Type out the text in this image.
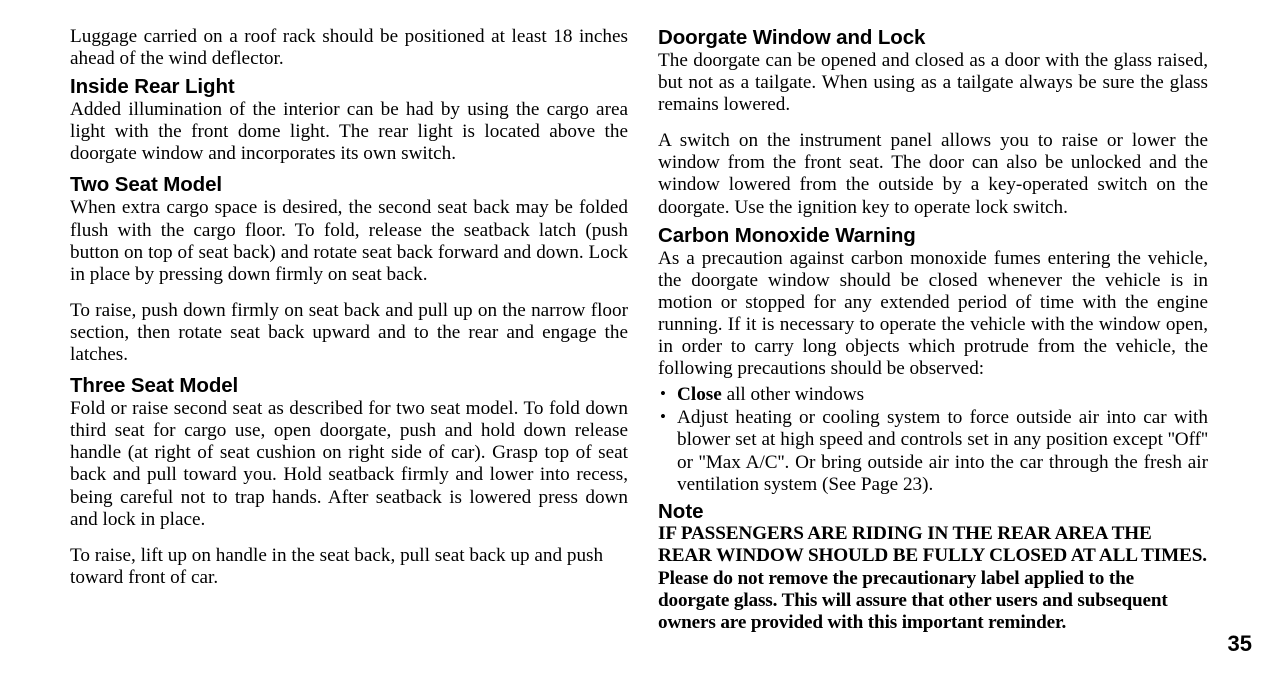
Luggage carried on a roof rack should be positioned at least 18 inches ahead of the wind deflector.

Inside Rear Light

Added illumination of the interior can be had by using the cargo area light with the front dome light. The rear light is located above the doorgate window and incorporates its own switch.

Two Seat Model

When extra cargo space is desired, the second seat back may be folded flush with the cargo floor. To fold, release the seatback latch (push button on top of seat back) and rotate seat back forward and down. Lock in place by pressing down firmly on seat back.

To raise, push down firmly on seat back and pull up on the narrow floor section, then rotate seat back upward and to the rear and engage the latches.

Three Seat Model

Fold or raise second seat as described for two seat model. To fold down third seat for cargo use, open doorgate, push and hold down release handle (at right of seat cushion on right side of car). Grasp top of seat back and pull toward you. Hold seatback firmly and lower into recess, being careful not to trap hands. After seatback is lowered press down and lock in place.

To raise, lift up on handle in the seat back, pull seat back up and push toward front of car.

Doorgate Window and Lock

The doorgate can be opened and closed as a door with the glass raised, but not as a tailgate. When using as a tailgate always be sure the glass remains lowered.

A switch on the instrument panel allows you to raise or lower the window from the front seat. The door can also be unlocked and the window lowered from the outside by a key-operated switch on the doorgate. Use the ignition key to operate lock switch.

Carbon Monoxide Warning

As a precaution against carbon monoxide fumes entering the vehicle, the doorgate window should be closed whenever the vehicle is in motion or stopped for any extended period of time with the engine running. If it is necessary to operate the vehicle with the window open, in order to carry long objects which protrude from the vehicle, the following precautions should be observed:

• Close all other windows
• Adjust heating or cooling system to force outside air into car with blower set at high speed and controls set in any position except ''Off'' or ''Max A/C''. Or bring outside air into the car through the fresh air ventilation system (See Page 23).
Note

IF PASSENGERS ARE RIDING IN THE REAR AREA THE REAR WINDOW SHOULD BE FULLY CLOSED AT ALL TIMES. Please do not remove the precautionary label applied to the doorgate glass. This will assure that other users and subsequent owners are provided with this important reminder.

35
